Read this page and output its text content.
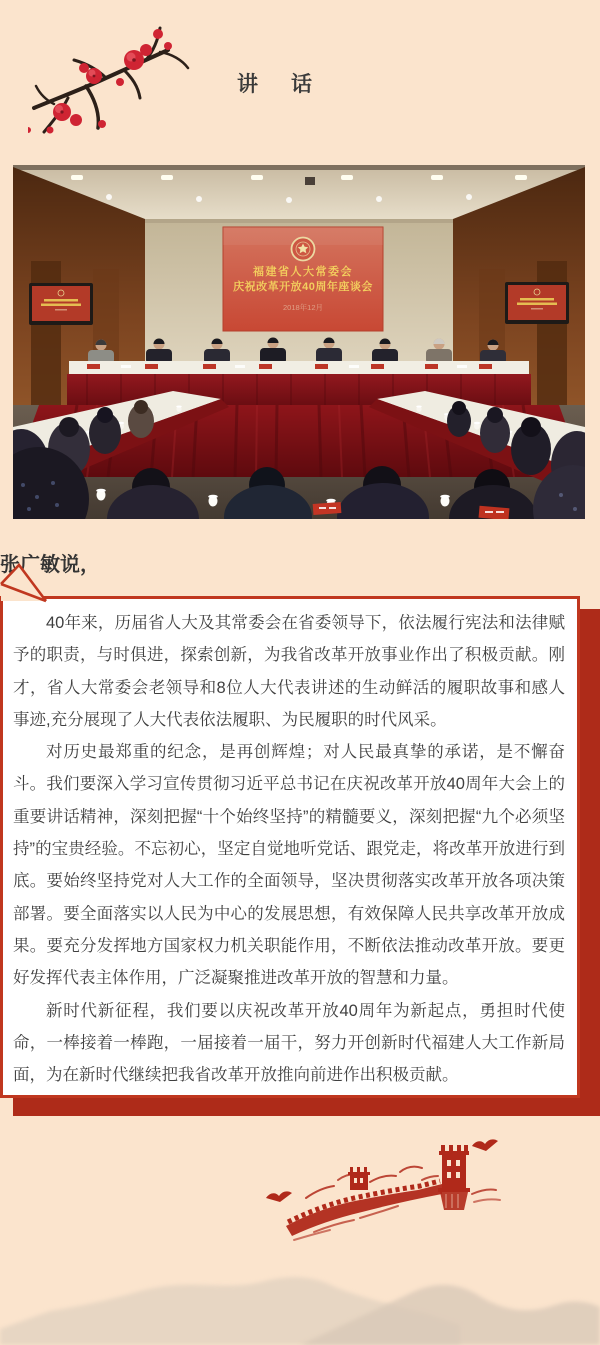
讲　话
福建省人大常委会
庆祝改革开放40周年座谈会
2018年12月
张广敏说，

40年来，历届省人大及其常委会在省委领导下，依法履行宪法和法律赋予的职责，与时俱进，探索创新，为我省改革开放事业作出了积极贡献。刚才，省人大常委会老领导和8位人大代表讲述的生动鲜活的履职故事和感人事迹,充分展现了人大代表依法履职、为民履职的时代风采。

对历史最郑重的纪念，是再创辉煌；对人民最真挚的承诺，是不懈奋斗。我们要深入学习宣传贯彻习近平总书记在庆祝改革开放40周年大会上的重要讲话精神，深刻把握“十个始终坚持”的精髓要义，深刻把握“九个必须坚持”的宝贵经验。不忘初心，坚定自觉地听党话、跟党走，将改革开放进行到底。要始终坚持党对人大工作的全面领导，坚决贯彻落实改革开放各项决策部署。要全面落实以人民为中心的发展思想，有效保障人民共享改革开放成果。要充分发挥地方国家权力机关职能作用，不断依法推动改革开放。要更好发挥代表主体作用，广泛凝聚推进改革开放的智慧和力量。

新时代新征程，我们要以庆祝改革开放40周年为新起点，勇担时代使命，一棒接着一棒跑，一届接着一届干，努力开创新时代福建人大工作新局面，为在新时代继续把我省改革开放推向前进作出积极贡献。
